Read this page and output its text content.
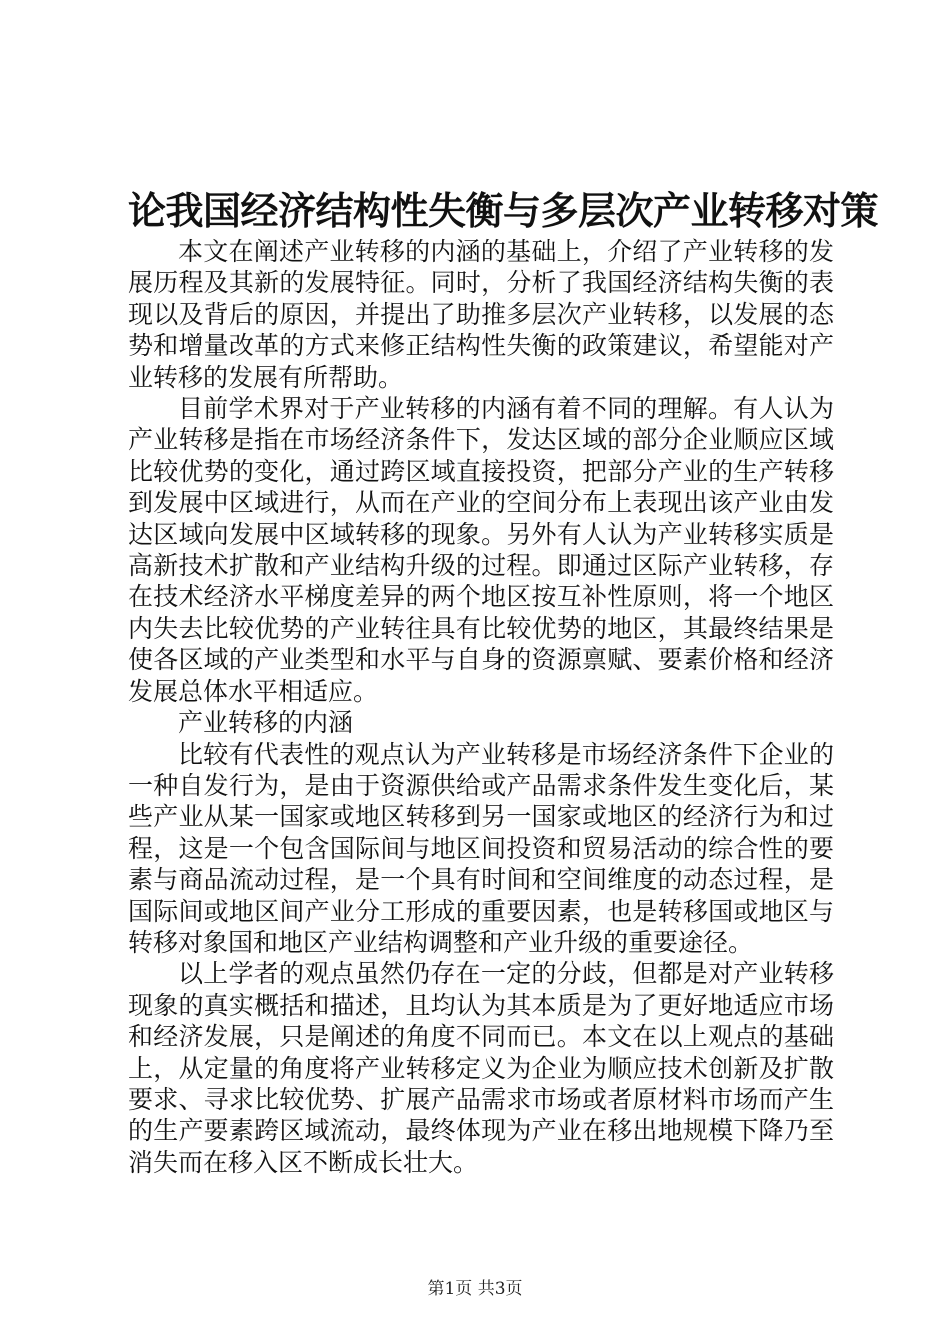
论我国经济结构性失衡与多层次产业转移对策

本文在阐述产业转移的内涵的基础上，介绍了产业转移的发展历程及其新的发展特征。同时，分析了我国经济结构失衡的表现以及背后的原因，并提出了助推多层次产业转移，以发展的态势和增量改革的方式来修正结构性失衡的政策建议，希望能对产业转移的发展有所帮助。

目前学术界对于产业转移的内涵有着不同的理解。有人认为产业转移是指在市场经济条件下，发达区域的部分企业顺应区域比较优势的变化，通过跨区域直接投资，把部分产业的生产转移到发展中区域进行，从而在产业的空间分布上表现出该产业由发达区域向发展中区域转移的现象。另外有人认为产业转移实质是高新技术扩散和产业结构升级的过程。即通过区际产业转移，存在技术经济水平梯度差异的两个地区按互补性原则，将一个地区内失去比较优势的产业转往具有比较优势的地区，其最终结果是使各区域的产业类型和水平与自身的资源禀赋、要素价格和经济发展总体水平相适应。

产业转移的内涵

比较有代表性的观点认为产业转移是市场经济条件下企业的一种自发行为，是由于资源供给或产品需求条件发生变化后，某些产业从某一国家或地区转移到另一国家或地区的经济行为和过程，这是一个包含国际间与地区间投资和贸易活动的综合性的要素与商品流动过程，是一个具有时间和空间维度的动态过程，是国际间或地区间产业分工形成的重要因素，也是转移国或地区与转移对象国和地区产业结构调整和产业升级的重要途径。

以上学者的观点虽然仍存在一定的分歧，但都是对产业转移现象的真实概括和描述，且均认为其本质是为了更好地适应市场和经济发展，只是阐述的角度不同而已。本文在以上观点的基础上，从定量的角度将产业转移定义为企业为顺应技术创新及扩散要求、寻求比较优势、扩展产品需求市场或者原材料市场而产生的生产要素跨区域流动，最终体现为产业在移出地规模下降乃至消失而在移入区不断成长壮大。

第1页 共3页
